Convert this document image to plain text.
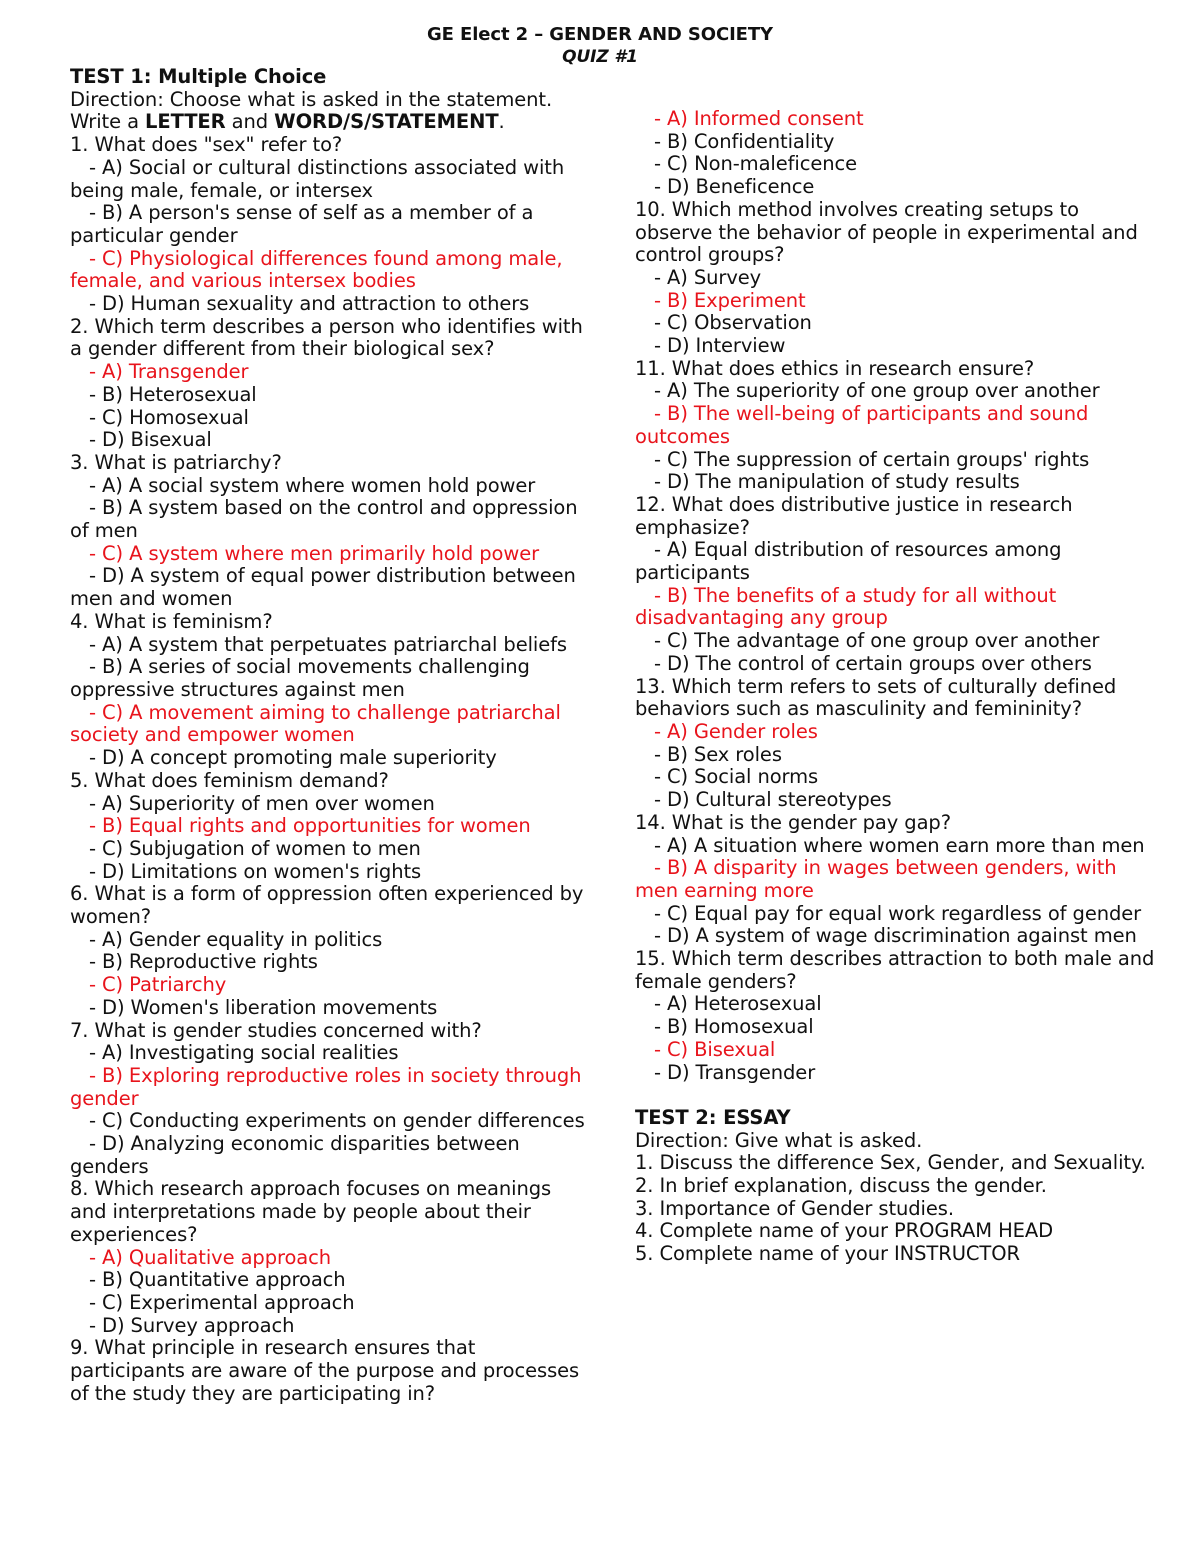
GE Elect 2 – GENDER AND SOCIETY
QUIZ #1
TEST 1: Multiple Choice
Direction: Choose what is asked in the statement. Write a LETTER and WORD/S/STATEMENT.
1. What does "sex" refer to?
- A) Social or cultural distinctions associated with being male, female, or intersex
- B) A person's sense of self as a member of a particular gender
- C) Physiological differences found among male, female, and various intersex bodies
- D) Human sexuality and attraction to others
2. Which term describes a person who identifies with a gender different from their biological sex?
- A) Transgender
- B) Heterosexual
- C) Homosexual
- D) Bisexual
3. What is patriarchy?
- A) A social system where women hold power
- B) A system based on the control and oppression of men
- C) A system where men primarily hold power
- D) A system of equal power distribution between men and women
4. What is feminism?
- A) A system that perpetuates patriarchal beliefs
- B) A series of social movements challenging oppressive structures against men
- C) A movement aiming to challenge patriarchal society and empower women
- D) A concept promoting male superiority
5. What does feminism demand?
- A) Superiority of men over women
- B) Equal rights and opportunities for women
- C) Subjugation of women to men
- D) Limitations on women's rights
6. What is a form of oppression often experienced by women?
- A) Gender equality in politics
- B) Reproductive rights
- C) Patriarchy
- D) Women's liberation movements
7. What is gender studies concerned with?
- A) Investigating social realities
- B) Exploring reproductive roles in society through gender
- C) Conducting experiments on gender differences
- D) Analyzing economic disparities between genders
8. Which research approach focuses on meanings and interpretations made by people about their experiences?
- A) Qualitative approach
- B) Quantitative approach
- C) Experimental approach
- D) Survey approach
9. What principle in research ensures that participants are aware of the purpose and processes of the study they are participating in?
- A) Informed consent
- B) Confidentiality
- C) Non-maleficence
- D) Beneficence
10. Which method involves creating setups to observe the behavior of people in experimental and control groups?
- A) Survey
- B) Experiment
- C) Observation
- D) Interview
11. What does ethics in research ensure?
- A) The superiority of one group over another
- B) The well-being of participants and sound outcomes
- C) The suppression of certain groups' rights
- D) The manipulation of study results
12. What does distributive justice in research emphasize?
- A) Equal distribution of resources among participants
- B) The benefits of a study for all without disadvantaging any group
- C) The advantage of one group over another
- D) The control of certain groups over others
13. Which term refers to sets of culturally defined behaviors such as masculinity and femininity?
- A) Gender roles
- B) Sex roles
- C) Social norms
- D) Cultural stereotypes
14. What is the gender pay gap?
- A) A situation where women earn more than men
- B) A disparity in wages between genders, with men earning more
- C) Equal pay for equal work regardless of gender
- D) A system of wage discrimination against men
15. Which term describes attraction to both male and female genders?
- A) Heterosexual
- B) Homosexual
- C) Bisexual
- D) Transgender
TEST 2: ESSAY
Direction: Give what is asked.
1. Discuss the difference Sex, Gender, and Sexuality.
2. In brief explanation, discuss the gender.
3. Importance of Gender studies.
4. Complete name of your PROGRAM HEAD
5. Complete name of your INSTRUCTOR
